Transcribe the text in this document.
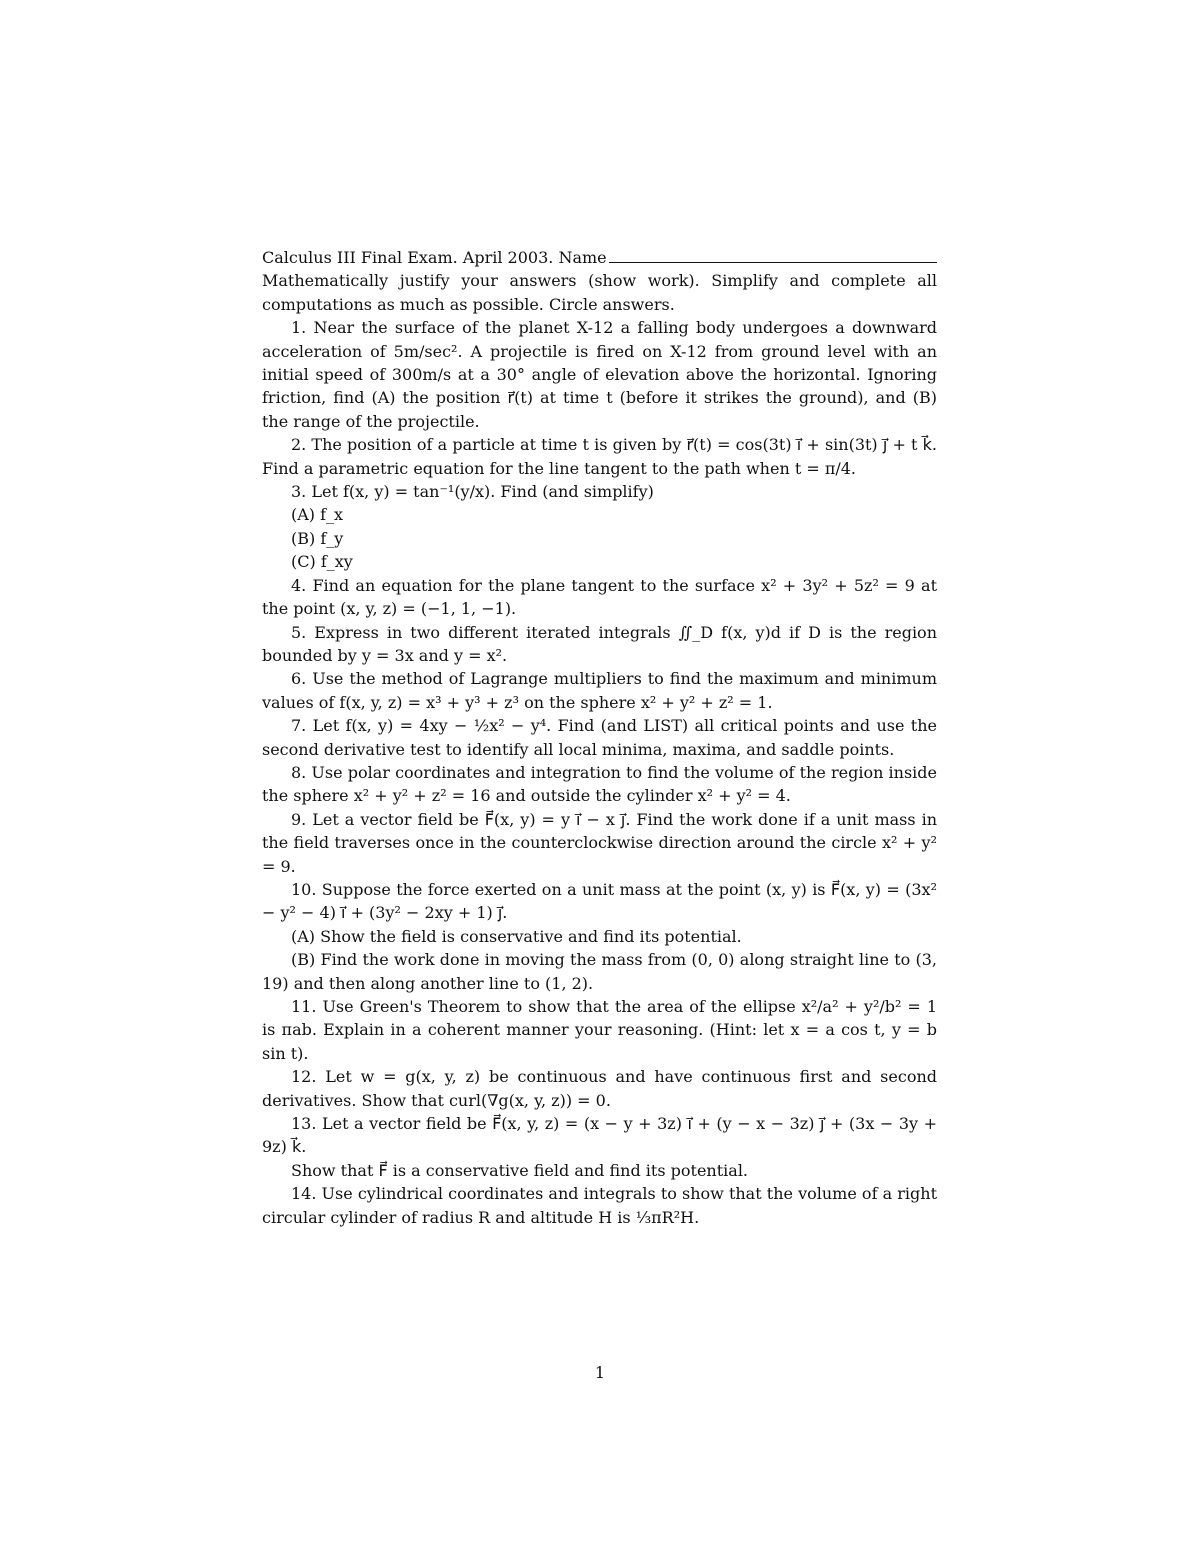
Calculus III Final Exam. April 2003. Name

Mathematically justify your answers (show work). Simplify and complete all computations as much as possible. Circle answers.

1. Near the surface of the planet X-12 a falling body undergoes a downward acceleration of 5m/sec². A projectile is fired on X-12 from ground level with an initial speed of 300m/s at a 30° angle of elevation above the horizontal. Ignoring friction, find (A) the position r⃗(t) at time t (before it strikes the ground), and (B) the range of the projectile.

2. The position of a particle at time t is given by r⃗(t) = cos(3t) i⃗ + sin(3t) j⃗ + t k⃗. Find a parametric equation for the line tangent to the path when t = π/4.

3. Let f(x, y) = tan⁻¹(y/x). Find (and simplify)

(A) f_x

(B) f_y

(C) f_xy

4. Find an equation for the plane tangent to the surface x² + 3y² + 5z² = 9 at the point (x, y, z) = (−1, 1, −1).

5. Express in two different iterated integrals ∬_D f(x, y)d if D is the region bounded by y = 3x and y = x².

6. Use the method of Lagrange multipliers to find the maximum and minimum values of f(x, y, z) = x³ + y³ + z³ on the sphere x² + y² + z² = 1.

7. Let f(x, y) = 4xy − ½x² − y⁴. Find (and LIST) all critical points and use the second derivative test to identify all local minima, maxima, and saddle points.

8. Use polar coordinates and integration to find the volume of the region inside the sphere x² + y² + z² = 16 and outside the cylinder x² + y² = 4.

9. Let a vector field be F⃗(x, y) = y i⃗ − x j⃗. Find the work done if a unit mass in the field traverses once in the counterclockwise direction around the circle x² + y² = 9.

10. Suppose the force exerted on a unit mass at the point (x, y) is F⃗(x, y) = (3x² − y² − 4) i⃗ + (3y² − 2xy + 1) j⃗.

(A) Show the field is conservative and find its potential.

(B) Find the work done in moving the mass from (0, 0) along straight line to (3, 19) and then along another line to (1, 2).

11. Use Green's Theorem to show that the area of the ellipse x²/a² + y²/b² = 1 is πab. Explain in a coherent manner your reasoning. (Hint: let x = a cos t, y = b sin t).

12. Let w = g(x, y, z) be continuous and have continuous first and second derivatives. Show that curl(∇g(x, y, z)) = 0.

13. Let a vector field be F⃗(x, y, z) = (x − y + 3z) i⃗ + (y − x − 3z) j⃗ + (3x − 3y + 9z) k⃗.

Show that F⃗ is a conservative field and find its potential.

14. Use cylindrical coordinates and integrals to show that the volume of a right circular cylinder of radius R and altitude H is ⅓πR²H.

1
